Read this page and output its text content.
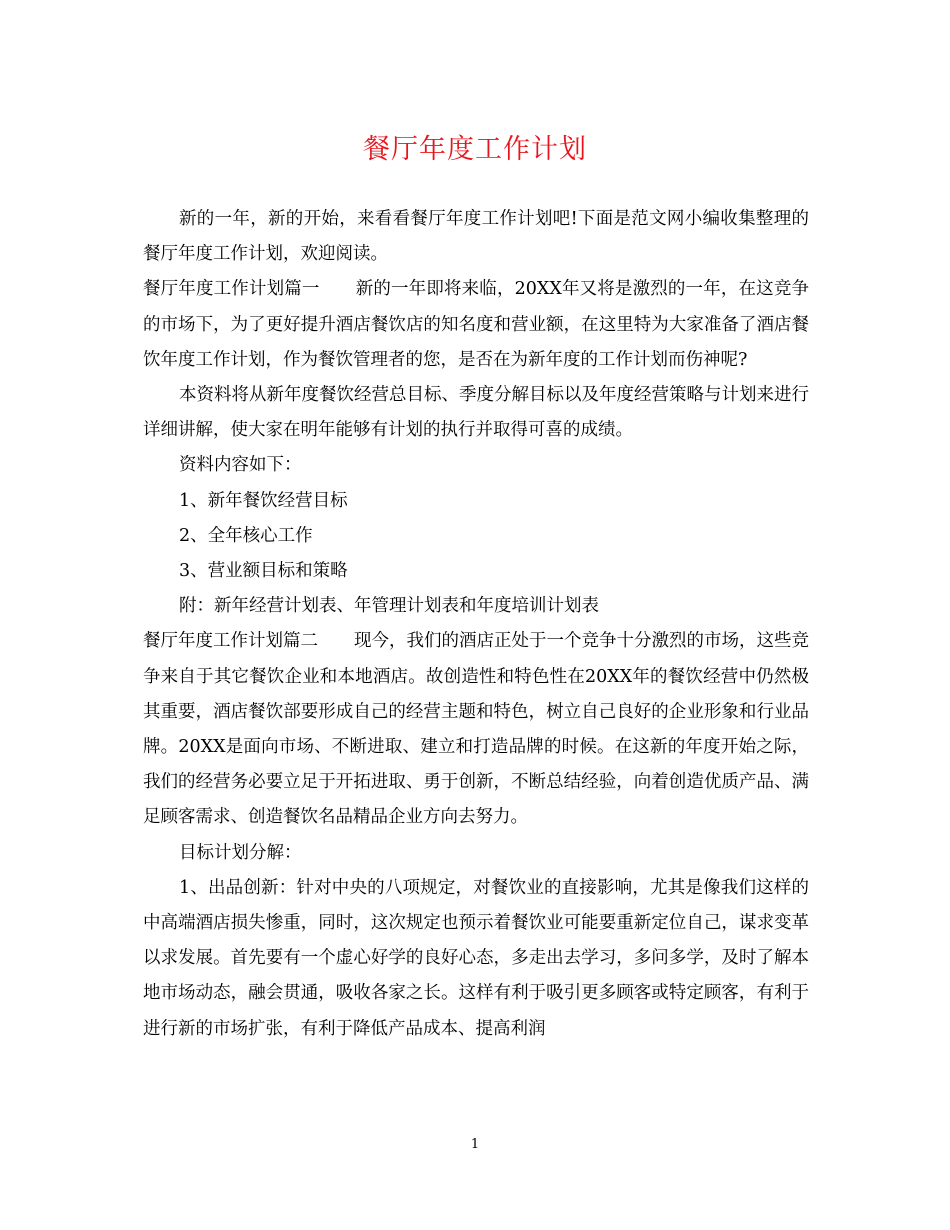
餐厅年度工作计划

新的一年，新的开始，来看看餐厅年度工作计划吧!下面是范文网小编收集整理的餐厅年度工作计划，欢迎阅读。

餐厅年度工作计划篇一 新的一年即将来临，20XX年又将是激烈的一年，在这竞争的市场下，为了更好提升酒店餐饮店的知名度和营业额，在这里特为大家准备了酒店餐饮年度工作计划，作为餐饮管理者的您，是否在为新年度的工作计划而伤神呢?

本资料将从新年度餐饮经营总目标、季度分解目标以及年度经营策略与计划来进行详细讲解，使大家在明年能够有计划的执行并取得可喜的成绩。

资料内容如下：

1、新年餐饮经营目标

2、全年核心工作

3、营业额目标和策略

附：新年经营计划表、年管理计划表和年度培训计划表

餐厅年度工作计划篇二 现今，我们的酒店正处于一个竞争十分激烈的市场，这些竞争来自于其它餐饮企业和本地酒店。故创造性和特色性在20XX年的餐饮经营中仍然极其重要，酒店餐饮部要形成自己的经营主题和特色，树立自己良好的企业形象和行业品牌。20XX是面向市场、不断进取、建立和打造品牌的时候。在这新的年度开始之际，我们的经营务必要立足于开拓进取、勇于创新，不断总结经验，向着创造优质产品、满足顾客需求、创造餐饮名品精品企业方向去努力。

目标计划分解：

1、出品创新：针对中央的八项规定，对餐饮业的直接影响，尤其是像我们这样的中高端酒店损失惨重，同时，这次规定也预示着餐饮业可能要重新定位自己，谋求变革以求发展。首先要有一个虚心好学的良好心态，多走出去学习，多问多学，及时了解本地市场动态，融会贯通，吸收各家之长。这样有利于吸引更多顾客或特定顾客，有利于进行新的市场扩张，有利于降低产品成本、提高利润

1
